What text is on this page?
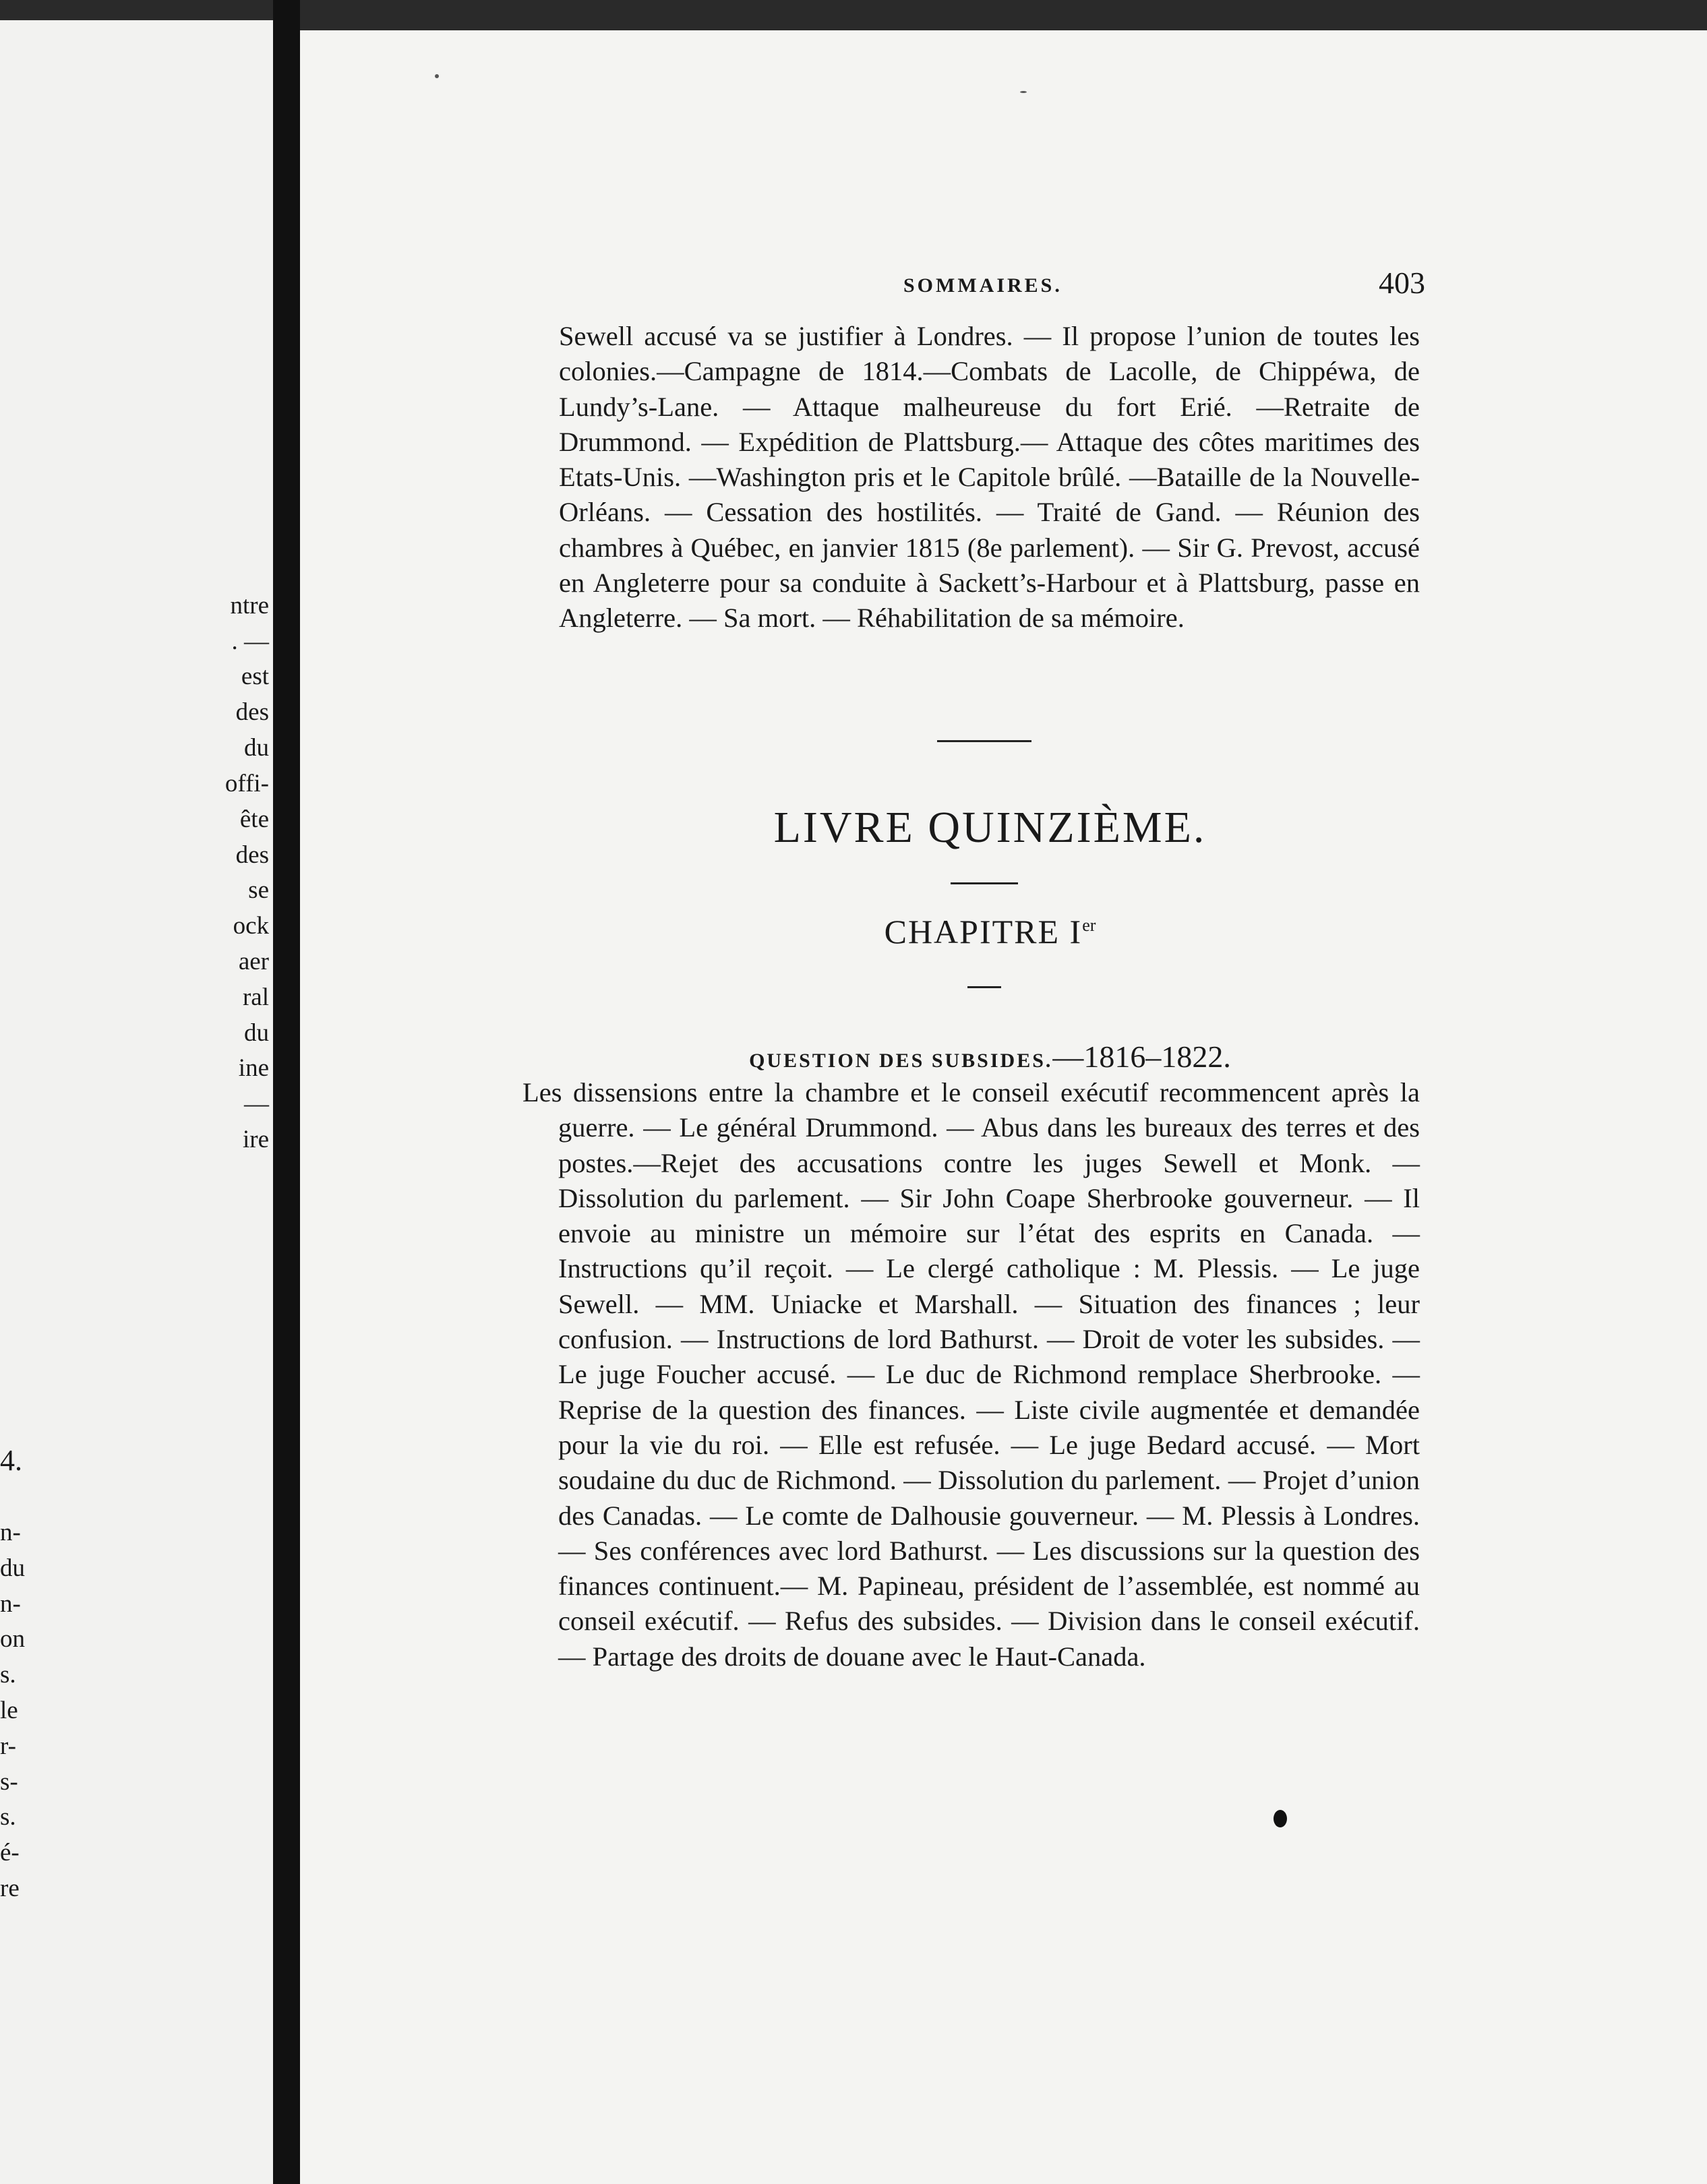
ntre
. —
est
des
du
offi-
ête
des
se
ock
aer
ral
du
ine
—
ire
4.
n-
du
n-
on
s.
le
r-
s-
s.
é-
re
SOMMAIRES.	403
Sewell accusé va se justifier à Londres. — Il propose l’union de toutes les colonies.—Campagne de 1814.—Combats de Lacolle, de Chippéwa, de Lundy’s-Lane. — Attaque malheureuse du fort Erié. —Retraite de Drummond. — Expédition de Plattsburg.— Attaque des côtes maritimes des Etats-Unis. —Washington pris et le Capitole brûlé. —Bataille de la Nouvelle-Orléans. — Cessation des hostilités. — Traité de Gand. — Réunion des chambres à Québec, en janvier 1815 (8e parlement). — Sir G. Prevost, accusé en Angleterre pour sa conduite à Sackett’s-Harbour et à Plattsburg, passe en Angleterre. — Sa mort. — Réhabilitation de sa mémoire.
LIVRE QUINZIÈME.
CHAPITRE Ier
QUESTION DES SUBSIDES.—1816–1822.
Les dissensions entre la chambre et le conseil exécutif recommencent après la guerre. — Le général Drummond. — Abus dans les bureaux des terres et des postes.—Rejet des accusations contre les juges Sewell et Monk. — Dissolution du parlement. — Sir John Coape Sherbrooke gouverneur. — Il envoie au ministre un mémoire sur l’état des esprits en Canada. — Instructions qu’il reçoit. — Le clergé catholique : M. Plessis. — Le juge Sewell. — MM. Uniacke et Marshall. — Situation des finances ; leur confusion. — Instructions de lord Bathurst. — Droit de voter les subsides. — Le juge Foucher accusé. — Le duc de Richmond remplace Sherbrooke. — Reprise de la question des finances. — Liste civile augmentée et demandée pour la vie du roi. — Elle est refusée. — Le juge Bedard accusé. — Mort soudaine du duc de Richmond. — Dissolution du parlement. — Projet d’union des Canadas. — Le comte de Dalhousie gouverneur. — M. Plessis à Londres. — Ses conférences avec lord Bathurst. — Les discussions sur la question des finances continuent.— M. Papineau, président de l’assemblée, est nommé au conseil exécutif. — Refus des subsides. — Division dans le conseil exécutif. — Partage des droits de douane avec le Haut-Canada.
